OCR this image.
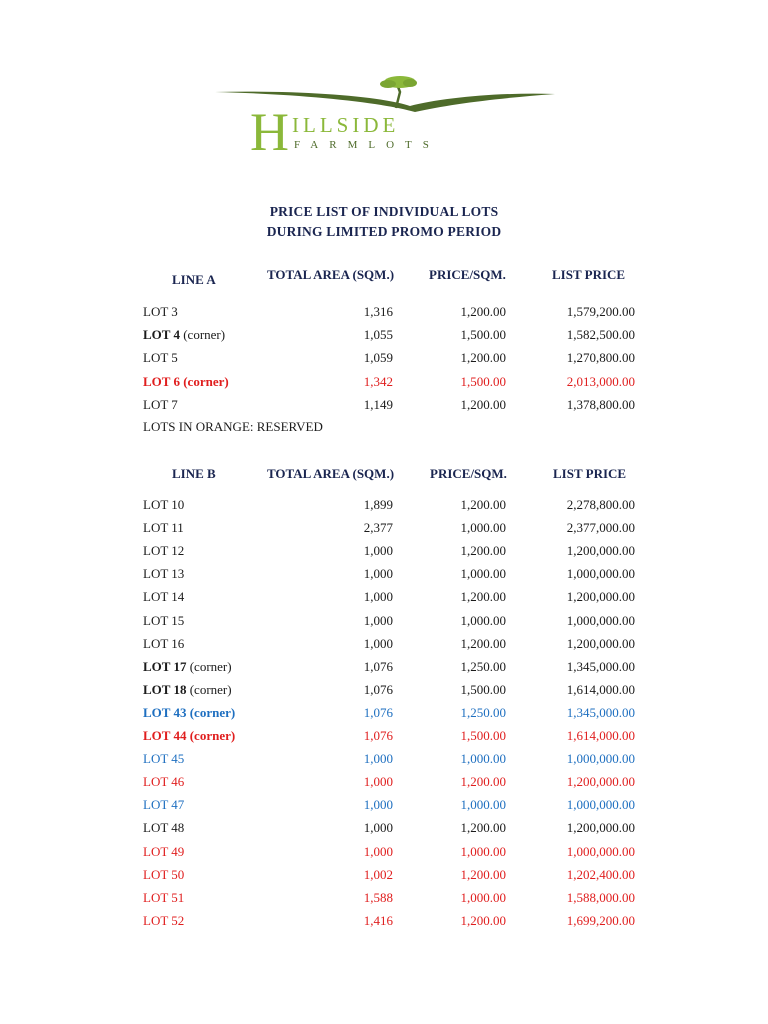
H ILLSIDE
FARMLOTS
PRICE LIST OF INDIVIDUAL LOTS
DURING LIMITED PROMO PERIOD
LINE A	TOTAL AREA (SQM.)	PRICE/SQM.	LIST PRICE
LOT 3	1,316	1,200.00	1,579,200.00
LOT 4 (corner)	1,055	1,500.00	1,582,500.00
LOT 5	1,059	1,200.00	1,270,800.00
LOT 6 (corner)	1,342	1,500.00	2,013,000.00
LOT 7	1,149	1,200.00	1,378,800.00
LOTS IN ORANGE: RESERVED
LINE B	TOTAL AREA (SQM.)	PRICE/SQM.	LIST PRICE
LOT 10	1,899	1,200.00	2,278,800.00
LOT 11	2,377	1,000.00	2,377,000.00
LOT 12	1,000	1,200.00	1,200,000.00
LOT 13	1,000	1,000.00	1,000,000.00
LOT 14	1,000	1,200.00	1,200,000.00
LOT 15	1,000	1,000.00	1,000,000.00
LOT 16	1,000	1,200.00	1,200,000.00
LOT 17 (corner)	1,076	1,250.00	1,345,000.00
LOT 18 (corner)	1,076	1,500.00	1,614,000.00
LOT 43 (corner)	1,076	1,250.00	1,345,000.00
LOT 44 (corner)	1,076	1,500.00	1,614,000.00
LOT 45	1,000	1,000.00	1,000,000.00
LOT 46	1,000	1,200.00	1,200,000.00
LOT 47	1,000	1,000.00	1,000,000.00
LOT 48	1,000	1,200.00	1,200,000.00
LOT 49	1,000	1,000.00	1,000,000.00
LOT 50	1,002	1,200.00	1,202,400.00
LOT 51	1,588	1,000.00	1,588,000.00
LOT 52	1,416	1,200.00	1,699,200.00
